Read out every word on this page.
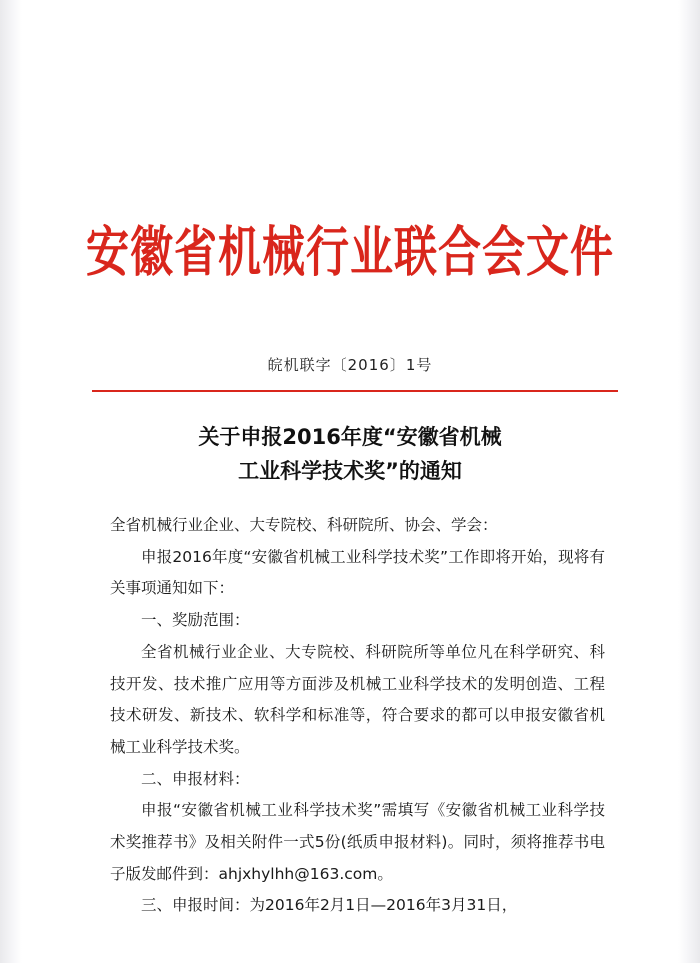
安徽省机械行业联合会文件
皖机联字〔2016〕1号
关于申报2016年度“安徽省机械
工业科学技术奖”的通知

全省机械行业企业、大专院校、科研院所、协会、学会：

申报2016年度“安徽省机械工业科学技术奖”工作即将开始，现将有关事项通知如下：

一、奖励范围：

全省机械行业企业、大专院校、科研院所等单位凡在科学研究、科技开发、技术推广应用等方面涉及机械工业科学技术的发明创造、工程技术研发、新技术、软科学和标准等，符合要求的都可以申报安徽省机械工业科学技术奖。

二、申报材料：

申报“安徽省机械工业科学技术奖”需填写《安徽省机械工业科学技术奖推荐书》及相关附件一式5份(纸质申报材料)。同时，须将推荐书电子版发邮件到：ahjxhylhh@163.com。

三、申报时间：为2016年2月1日—2016年3月31日，
